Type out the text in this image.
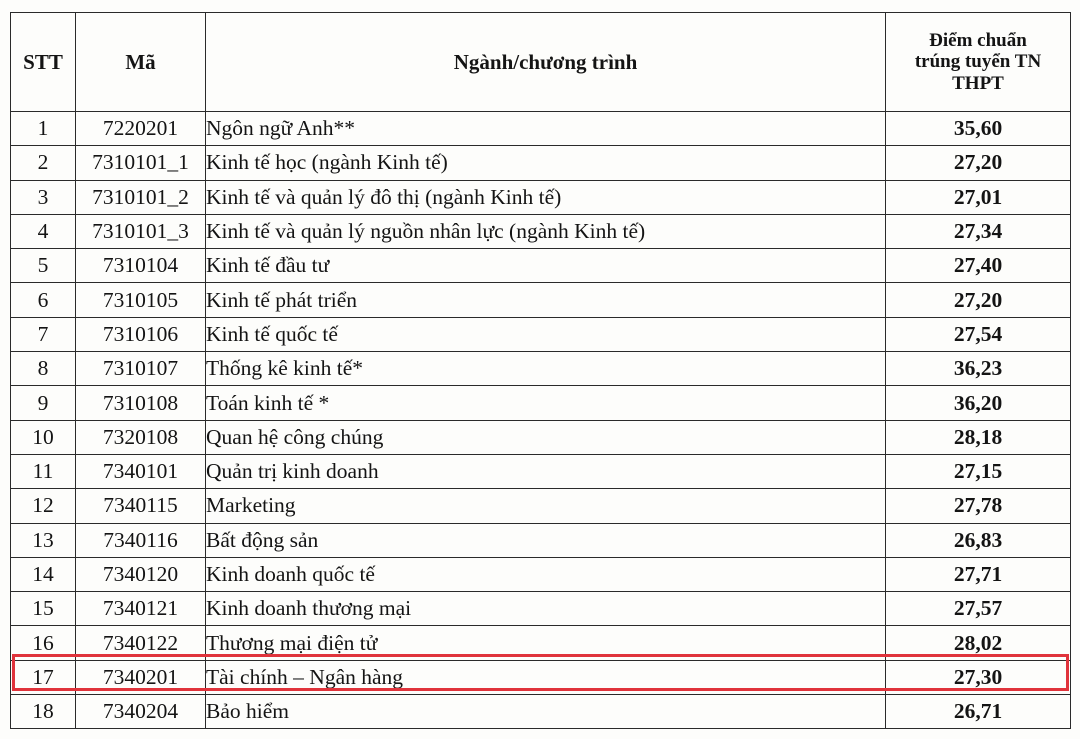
STT	Mã	Ngành/chương trình	Điểm chuẩn
trúng tuyển TN
THPT
1	7220201	Ngôn ngữ Anh**	35,60
2	7310101_1	Kinh tế học (ngành Kinh tế)	27,20
3	7310101_2	Kinh tế và quản lý đô thị (ngành Kinh tế)	27,01
4	7310101_3	Kinh tế và quản lý nguồn nhân lực (ngành Kinh tế)	27,34
5	7310104	Kinh tế đầu tư	27,40
6	7310105	Kinh tế phát triển	27,20
7	7310106	Kinh tế quốc tế	27,54
8	7310107	Thống kê kinh tế*	36,23
9	7310108	Toán kinh tế *	36,20
10	7320108	Quan hệ công chúng	28,18
11	7340101	Quản trị kinh doanh	27,15
12	7340115	Marketing	27,78
13	7340116	Bất động sản	26,83
14	7340120	Kinh doanh quốc tế	27,71
15	7340121	Kinh doanh thương mại	27,57
16	7340122	Thương mại điện tử	28,02
17	7340201	Tài chính – Ngân hàng	27,30
18	7340204	Bảo hiểm	26,71
